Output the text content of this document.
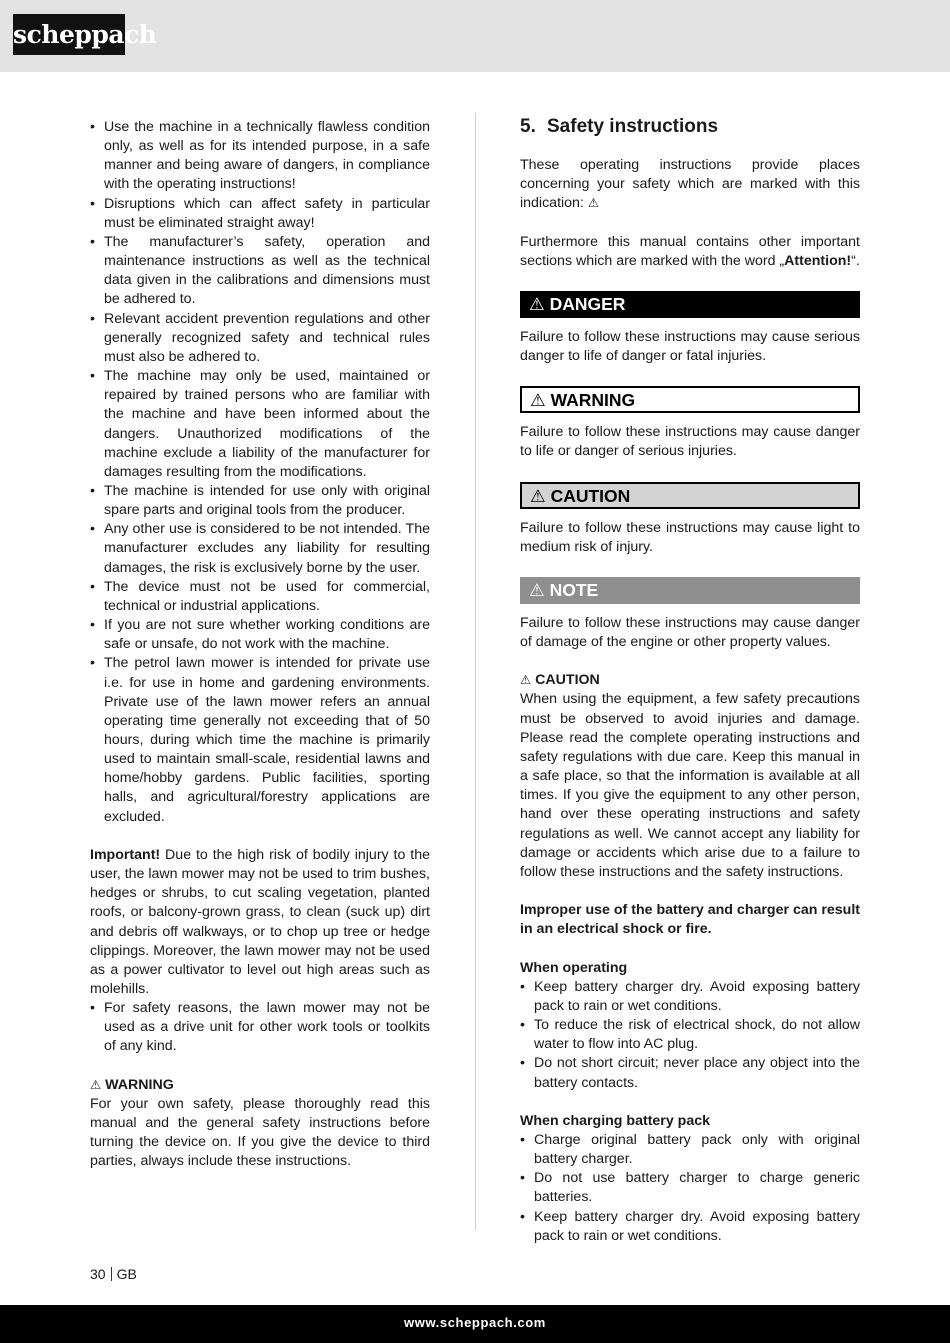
scheppach
• Use the machine in a technically flawless condition only, as well as for its intended purpose, in a safe manner and being aware of dangers, in compliance with the operating instructions!
• Disruptions which can affect safety in particular must be eliminated straight away!
• The manufacturer’s safety, operation and maintenance instructions as well as the technical data given in the calibrations and dimensions must be adhered to.
• Relevant accident prevention regulations and other generally recognized safety and technical rules must also be adhered to.
• The machine may only be used, maintained or repaired by trained persons who are familiar with the machine and have been informed about the dangers. Unauthorized modifications of the machine exclude a liability of the manufacturer for damages resulting from the modifications.
• The machine is intended for use only with original spare parts and original tools from the producer.
• Any other use is considered to be not intended. The manufacturer excludes any liability for resulting damages, the risk is exclusively borne by the user.
• The device must not be used for commercial, technical or industrial applications.
• If you are not sure whether working conditions are safe or unsafe, do not work with the machine.
• The petrol lawn mower is intended for private use i.e. for use in home and gardening environments. Private use of the lawn mower refers an annual operating time generally not exceeding that of 50 hours, during which time the machine is primarily used to maintain small-scale, residential lawns and home/hobby gardens. Public facilities, sporting halls, and agricultural/forestry applications are excluded.

Important! Due to the high risk of bodily injury to the user, the lawn mower may not be used to trim bushes, hedges or shrubs, to cut scaling vegetation, planted roofs, or balcony-grown grass, to clean (suck up) dirt and debris off walkways, or to chop up tree or hedge clippings. Moreover, the lawn mower may not be used as a power cultivator to level out high areas such as molehills.

• For safety reasons, the lawn mower may not be used as a drive unit for other work tools or toolkits of any kind.

⚠ WARNING

For your own safety, please thoroughly read this manual and the general safety instructions before turning the device on. If you give the device to third parties, always include these instructions.

5. Safety instructions

These operating instructions provide places concerning your safety which are marked with this indication: ⚠

Furthermore this manual contains other important sections which are marked with the word „Attention!“.

⚠ DANGER

Failure to follow these instructions may cause serious danger to life of danger or fatal injuries.

⚠ WARNING

Failure to follow these instructions may cause danger to life or danger of serious injuries.

⚠ CAUTION

Failure to follow these instructions may cause light to medium risk of injury.

⚠ NOTE

Failure to follow these instructions may cause danger of damage of the engine or other property values.

⚠ CAUTION

When using the equipment, a few safety precautions must be observed to avoid injuries and damage. Please read the complete operating instructions and safety regulations with due care. Keep this manual in a safe place, so that the information is available at all times. If you give the equipment to any other person, hand over these operating instructions and safety regulations as well. We cannot accept any liability for damage or accidents which arise due to a failure to follow these instructions and the safety instructions.

Improper use of the battery and charger can result in an electrical shock or fire.

When operating

• Keep battery charger dry. Avoid exposing battery pack to rain or wet conditions.
• To reduce the risk of electrical shock, do not allow water to flow into AC plug.
• Do not short circuit; never place any object into the battery contacts.

When charging battery pack

• Charge original battery pack only with original battery charger.
• Do not use battery charger to charge generic batteries.
• Keep battery charger dry. Avoid exposing battery pack to rain or wet conditions.
30 GB
www.scheppach.com
